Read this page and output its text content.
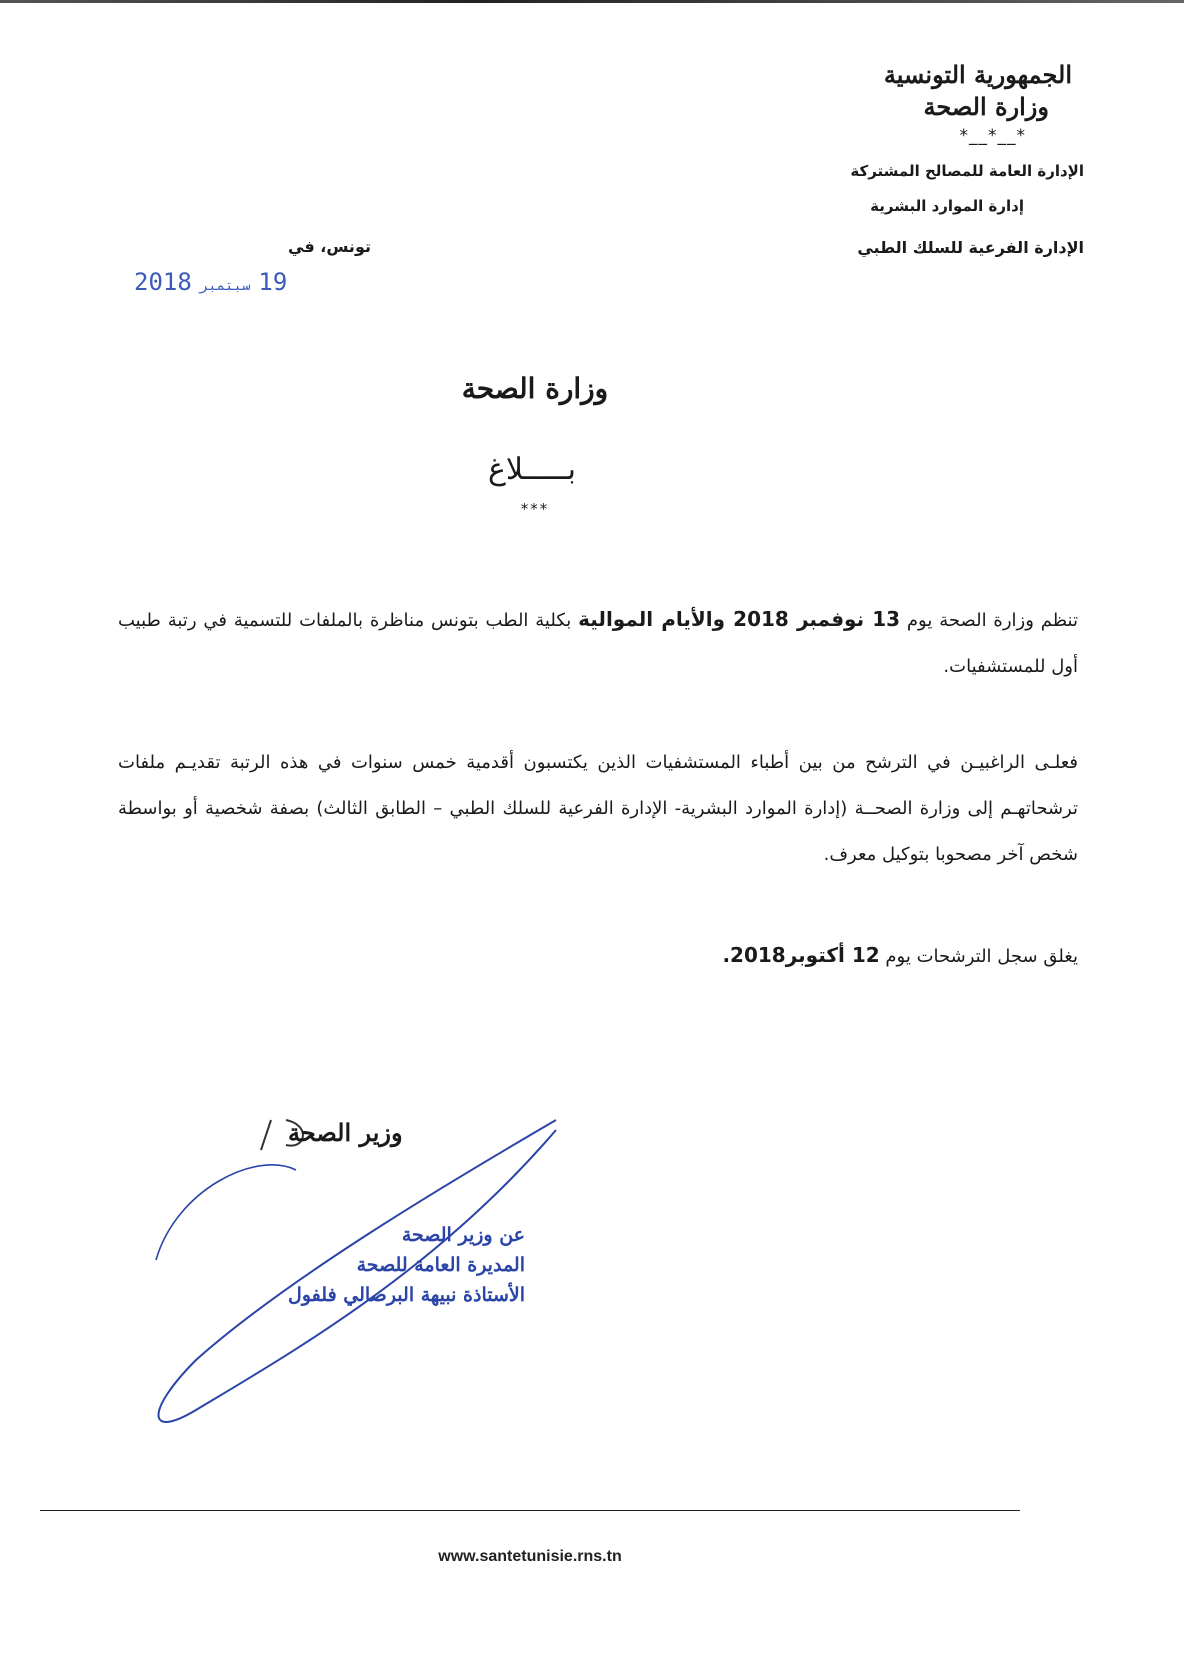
الجمهورية التونسية
وزارة الصحة
*__*__*
الإدارة العامة للمصالح المشتركة
إدارة الموارد البشرية
الإدارة الفرعية للسلك الطبي
تونس، في
19سبتمبر2018
وزارة الصحة
بـــــلاغ
***

تنظم وزارة الصحة يوم 13 نوفمبر 2018 والأيام الموالية بكلية الطب بتونس مناظرة بالملفات للتسمية في رتبة طبيب أول للمستشفيات.

فعلـى الراغبيـن في الترشح من بين أطباء المستشفيات الذين يكتسبون أقدمية خمس سنوات في هذه الرتبة تقديـم ملفات ترشحاتهـم إلى وزارة الصحــة (إدارة الموارد البشرية- الإدارة الفرعية للسلك الطبي – الطابق الثالث) بصفة شخصية أو بواسطة شخص آخر مصحوبا بتوكيل معرف.

يغلق سجل الترشحات يوم 12 أكتوبر2018.

وزير الصحة
عن وزير الصحة
المديرة العامة للصحة
الأستاذة نبيهة البرصالي فلفول
www.santetunisie.rns.tn
